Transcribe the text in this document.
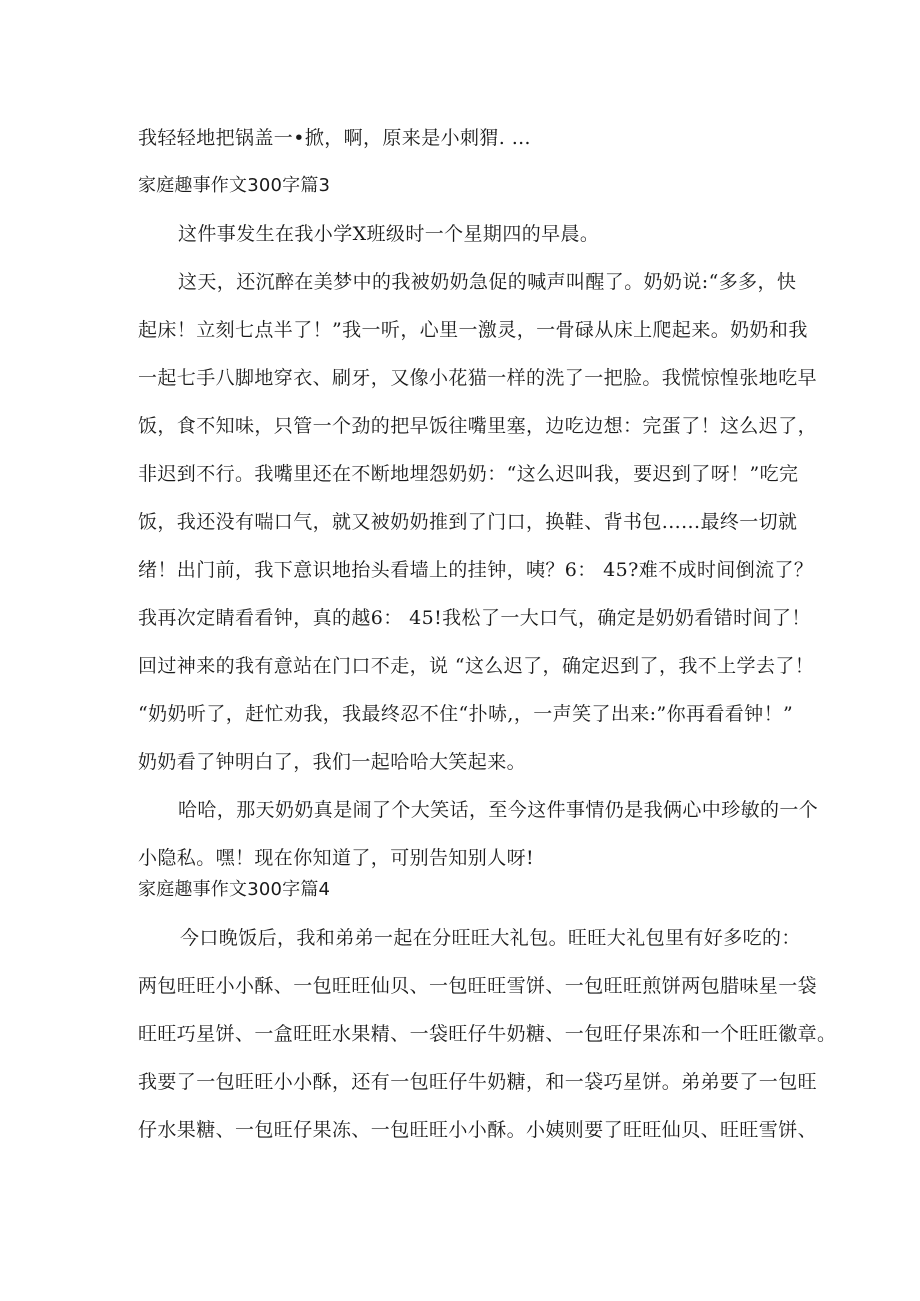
我轻轻地把锅盖一•掀，啊，原来是小刺猬. …
家庭趣事作文300字篇3
这件事发生在我小学X班级时一个星期四的早晨。
这天，还沉醉在美梦中的我被奶奶急促的喊声叫醒了。奶奶说:“多多，快
起床！立刻七点半了！”我一听，心里一激灵，一骨碌从床上爬起来。奶奶和我
一起七手八脚地穿衣、刷牙，又像小花猫一样的洗了一把脸。我慌惊惶张地吃早
饭，食不知味，只管一个劲的把早饭往嘴里塞，边吃边想：完蛋了！这么迟了，
非迟到不行。我嘴里还在不断地埋怨奶奶：“这么迟叫我，要迟到了呀！”吃完
饭，我还没有喘口气，就又被奶奶推到了门口，换鞋、背书包......最终一切就
绪！出门前，我下意识地抬头看墙上的挂钟，咦？6： 45?难不成时间倒流了？
我再次定睛看看钟，真的越6： 45!我松了一大口气，确定是奶奶看错时间了！
回过神来的我有意站在门口不走，说 “这么迟了，确定迟到了，我不上学去了！
“奶奶听了，赶忙劝我，我最终忍不住“扑哧,，一声笑了出来:”你再看看钟！”
奶奶看了钟明白了，我们一起哈哈大笑起来。
哈哈，那天奶奶真是闹了个大笑话，至今这件事情仍是我俩心中珍敏的一个
小隐私。嘿！现在你知道了，可别告知别人呀!
家庭趣事作文300字篇4
今口晚饭后，我和弟弟一起在分旺旺大礼包。旺旺大礼包里有好多吃的：
两包旺旺小小酥、一包旺旺仙贝、一包旺旺雪饼、一包旺旺煎饼两包腊味星一袋
旺旺巧星饼、一盒旺旺水果精、一袋旺仔牛奶糖、一包旺仔果冻和一个旺旺徽章。
我要了一包旺旺小小酥，还有一包旺仔牛奶糖，和一袋巧星饼。弟弟要了一包旺
仔水果糖、一包旺仔果冻、一包旺旺小小酥。小姨则要了旺旺仙贝、旺旺雪饼、
